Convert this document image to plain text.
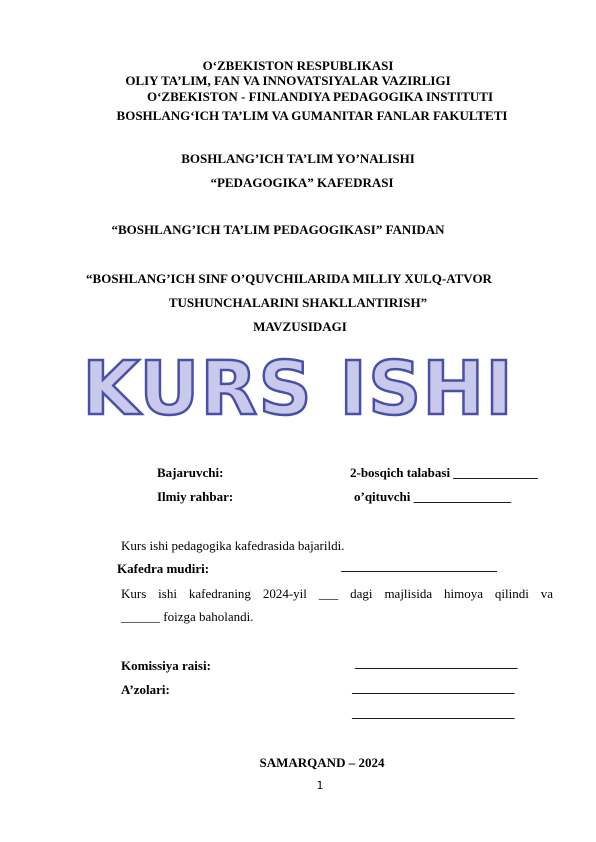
O‘ZBEKISTON RESPUBLIKASI
OLIY TA’LIM, FAN VA INNOVATSIYALAR VAZIRLIGI
O‘ZBEKISTON - FINLANDIYA PEDAGOGIKA INSTITUTI
BOSHLANG‘ICH TA’LIM VA GUMANITAR FANLAR FAKULTETI
BOSHLANG’ICH TA’LIM YO’NALISHI
“PEDAGOGIKA” KAFEDRASI
“BOSHLANG’ICH TA’LIM PEDAGOGIKASI” FANIDAN
“BOSHLANG’ICH SINF O’QUVCHILARIDA MILLIY XULQ-ATVOR
TUSHUNCHALARINI SHAKLLANTIRISH”
MAVZUSIDAGI
KURS ISHI
Bajaruvchi:	2-bosqich talabasi _____________
Ilmiy rahbar:	o’qituvchi _______________
Kurs ishi pedagogika kafedrasida bajarildi.
Kafedra mudiri:	________________________
Kurs ishi kafedraning 2024-yil ___ dagi majlisida himoya qilindi va
______ foizga baholandi.
Komissiya raisi:	_________________________
A’zolari:	_________________________
_________________________
SAMARQAND – 2024
1
